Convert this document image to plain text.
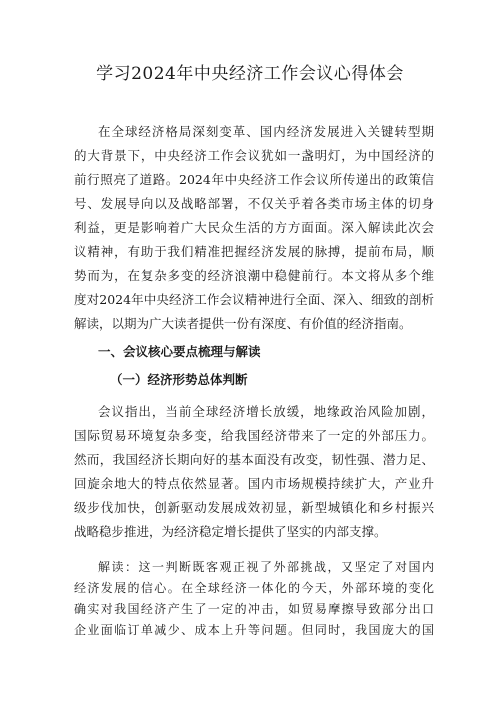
学习2024年中央经济工作会议心得体会
在全球经济格局深刻变革、国内经济发展进入关键转型期
的大背景下，中央经济工作会议犹如一盏明灯，为中国经济的
前行照亮了道路。2024年中央经济工作会议所传递出的政策信
号、发展导向以及战略部署，不仅关乎着各类市场主体的切身
利益，更是影响着广大民众生活的方方面面。深入解读此次会
议精神，有助于我们精准把握经济发展的脉搏，提前布局，顺
势而为，在复杂多变的经济浪潮中稳健前行。本文将从多个维
度对2024年中央经济工作会议精神进行全面、深入、细致的剖析
解读，以期为广大读者提供一份有深度、有价值的经济指南。
一、会议核心要点梳理与解读
（一）经济形势总体判断
会议指出，当前全球经济增长放缓，地缘政治风险加剧，
国际贸易环境复杂多变，给我国经济带来了一定的外部压力。
然而，我国经济长期向好的基本面没有改变，韧性强、潜力足、
回旋余地大的特点依然显著。国内市场规模持续扩大，产业升
级步伐加快，创新驱动发展成效初显，新型城镇化和乡村振兴
战略稳步推进，为经济稳定增长提供了坚实的内部支撑。
解读：这一判断既客观正视了外部挑战，又坚定了对国内
经济发展的信心。在全球经济一体化的今天，外部环境的变化
确实对我国经济产生了一定的冲击，如贸易摩擦导致部分出口
企业面临订单减少、成本上升等问题。但同时，我国庞大的国
